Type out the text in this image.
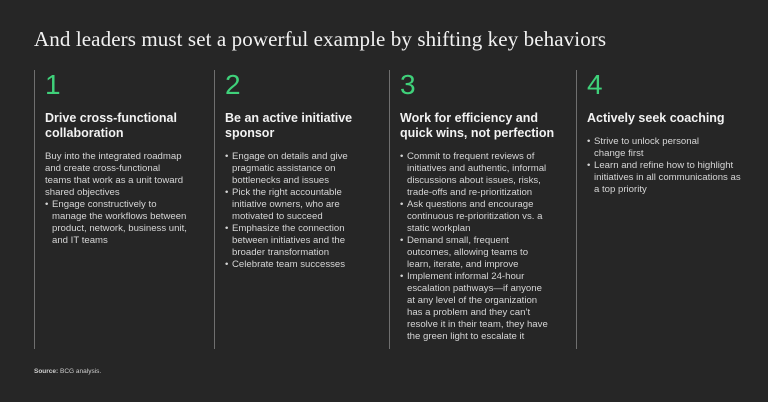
And leaders must set a powerful example by shifting key behaviors
1
Drive cross-functional collaboration

Buy into the integrated roadmap and create cross-functional teams that work as a unit toward shared objectives

• Engage constructively to manage the workflows between product, network, business unit, and IT teams
2
Be an active initiative sponsor
• Engage on details and give pragmatic assistance on bottlenecks and issues
• Pick the right accountable initiative owners, who are motivated to succeed
• Emphasize the connection between initiatives and the broader transformation
• Celebrate team successes
3
Work for efficiency and quick wins, not perfection
• Commit to frequent reviews of initiatives and authentic, informal discussions about issues, risks, trade-offs and re-prioritization
• Ask questions and encourage continuous re-prioritization vs. a static workplan
• Demand small, frequent outcomes, allowing teams to learn, iterate, and improve
• Implement informal 24-hour escalation pathways—if anyone at any level of the organization has a problem and they can’t resolve it in their team, they have the green light to escalate it
4
Actively seek coaching
• Strive to unlock personal change first
• Learn and refine how to highlight initiatives in all communications as a top priority
Source: BCG analysis.
